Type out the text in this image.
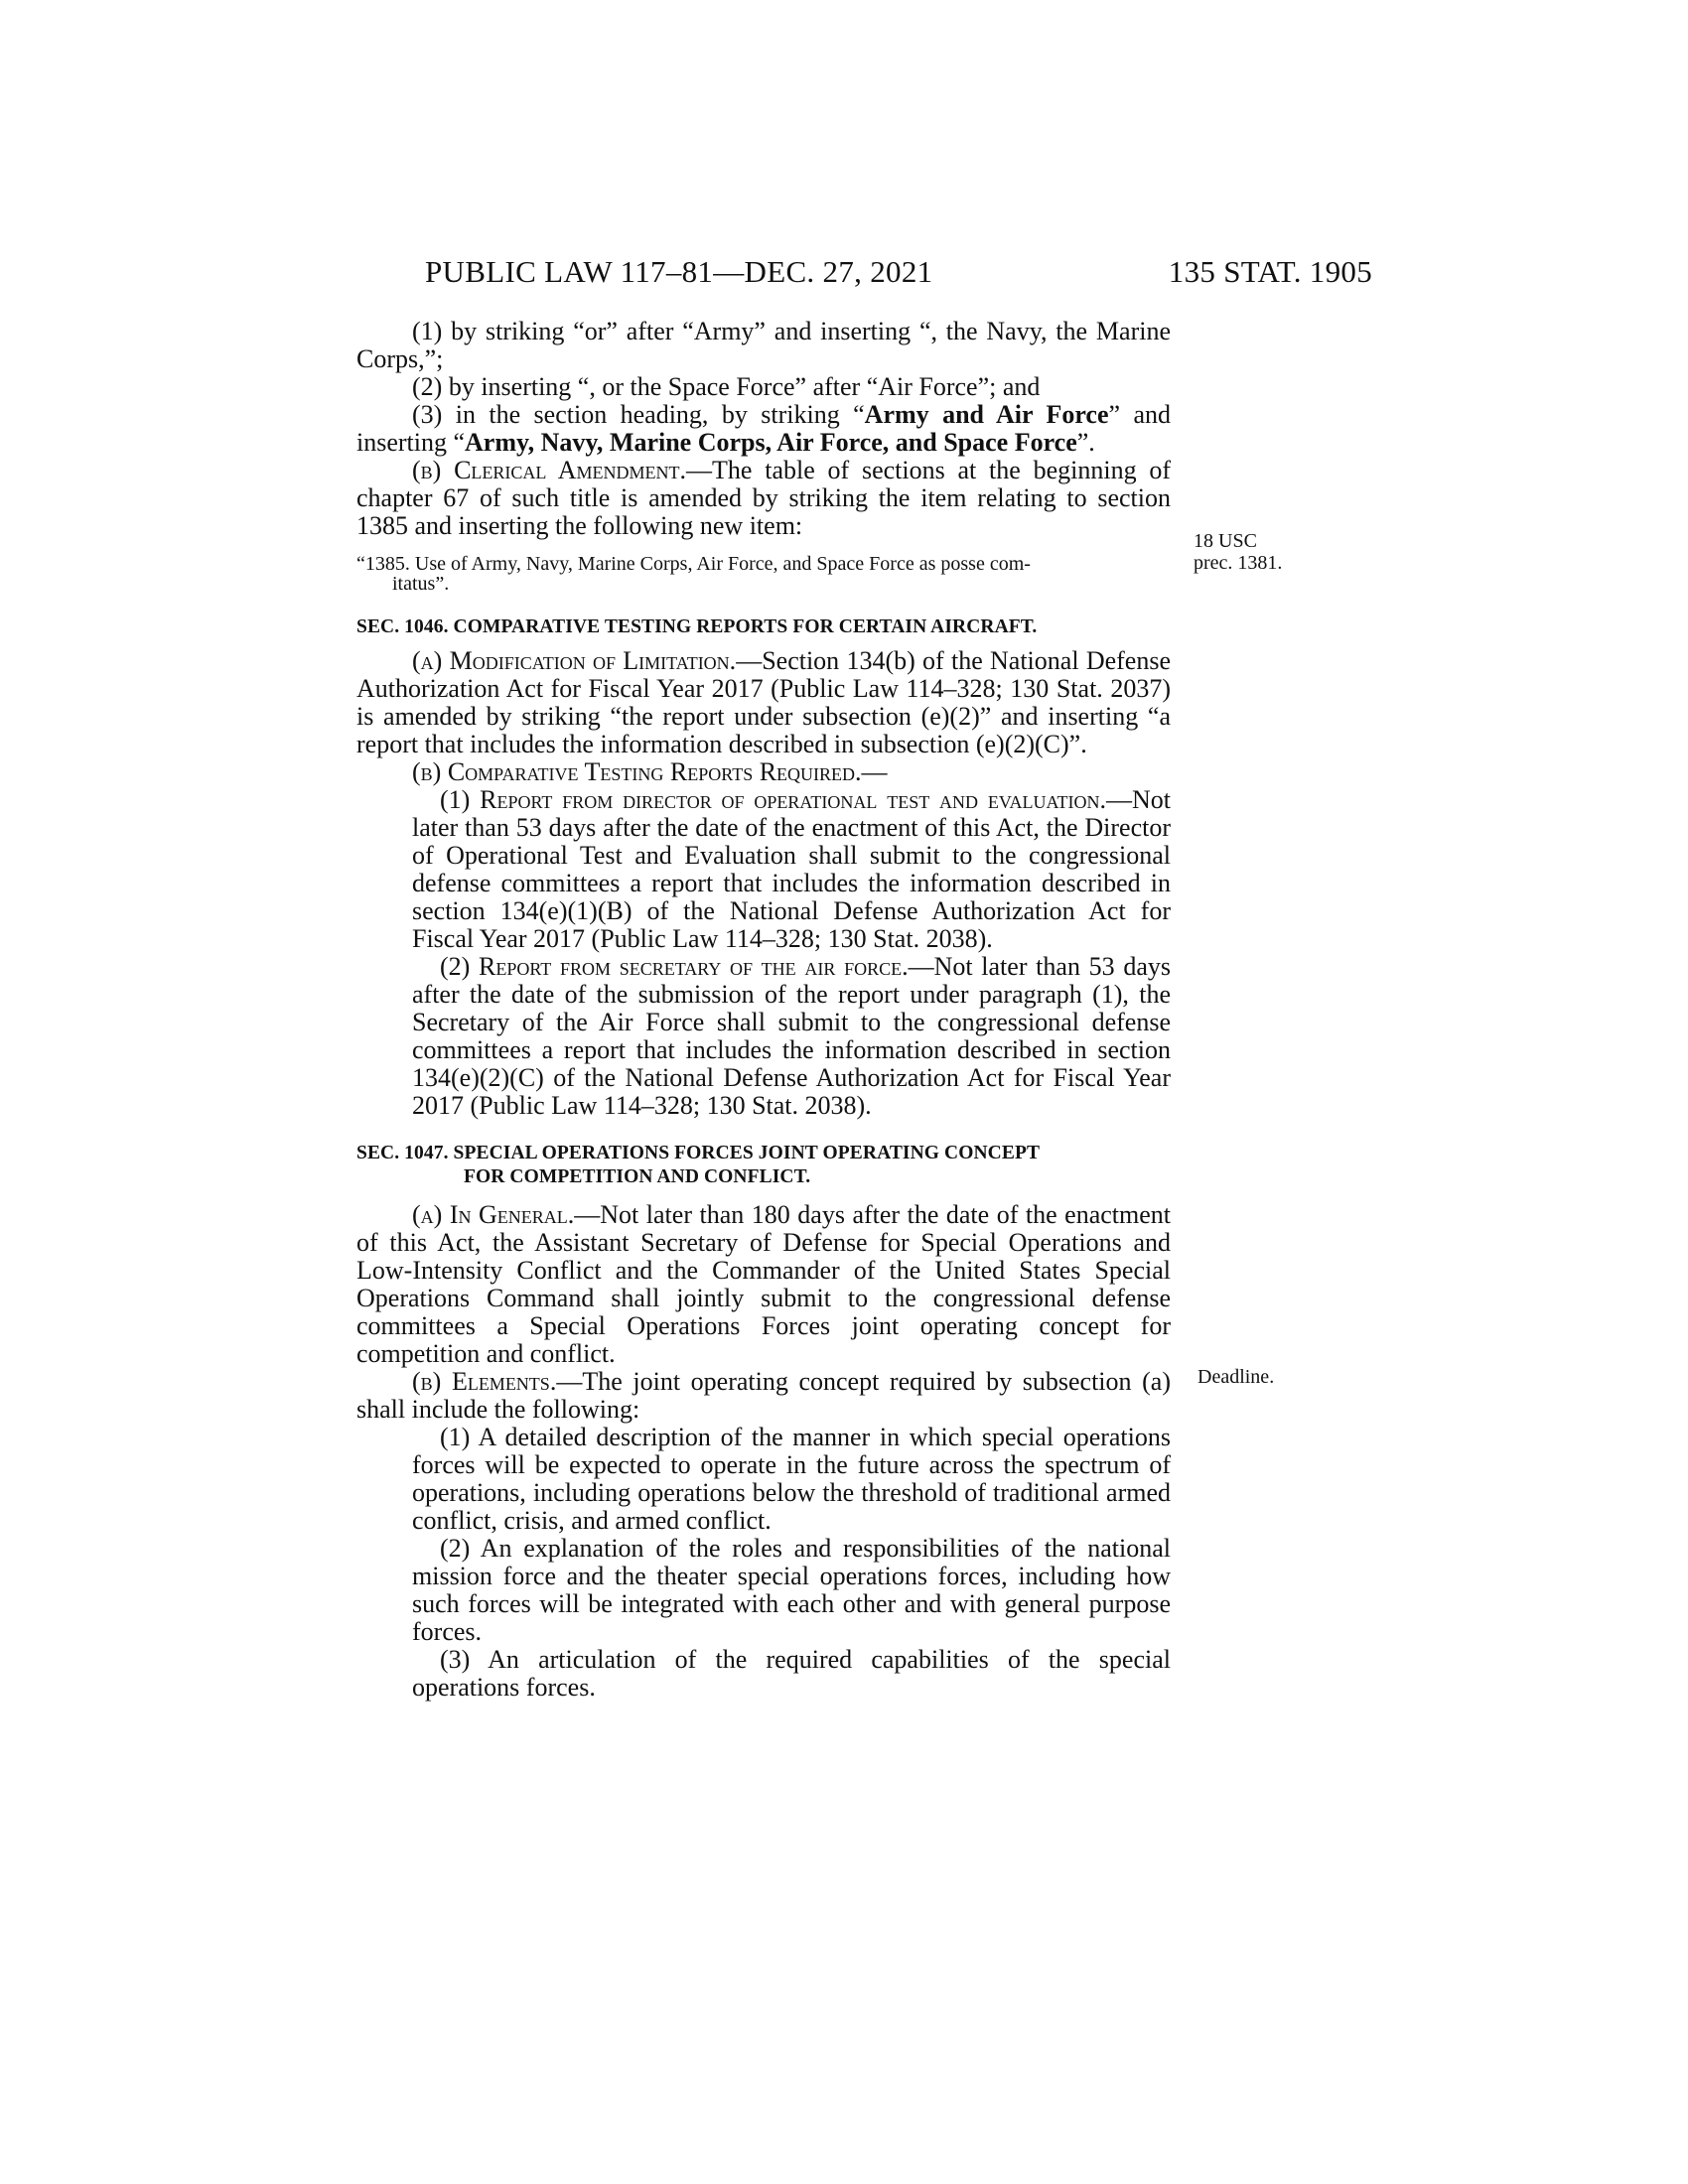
PUBLIC LAW 117–81—DEC. 27, 2021	135 STAT. 1905

(1) by striking “or” after “Army” and inserting “, the Navy, the Marine Corps,”;

(2) by inserting “, or the Space Force” after “Air Force”; and

(3) in the section heading, by striking “Army and Air Force” and inserting “Army, Navy, Marine Corps, Air Force, and Space Force”.

(b) Clerical Amendment.—The table of sections at the beginning of chapter 67 of such title is amended by striking the item relating to section 1385 and inserting the following new item:

“1385. Use of Army, Navy, Marine Corps, Air Force, and Space Force as posse com-
itatus”.

SEC. 1046. COMPARATIVE TESTING REPORTS FOR CERTAIN AIRCRAFT.

(a) Modification of Limitation.—Section 134(b) of the National Defense Authorization Act for Fiscal Year 2017 (Public Law 114–328; 130 Stat. 2037) is amended by striking “the report under subsection (e)(2)” and inserting “a report that includes the information described in subsection (e)(2)(C)”.

(b) Comparative Testing Reports Required.—

(1) Report from director of operational test and evaluation.—Not later than 53 days after the date of the enactment of this Act, the Director of Operational Test and Evaluation shall submit to the congressional defense committees a report that includes the information described in section 134(e)(1)(B) of the National Defense Authorization Act for Fiscal Year 2017 (Public Law 114–328; 130 Stat. 2038).

(2) Report from secretary of the air force.—Not later than 53 days after the date of the submission of the report under paragraph (1), the Secretary of the Air Force shall submit to the congressional defense committees a report that includes the information described in section 134(e)(2)(C) of the National Defense Authorization Act for Fiscal Year 2017 (Public Law 114–328; 130 Stat. 2038).

SEC. 1047. SPECIAL OPERATIONS FORCES JOINT OPERATING CONCEPT
FOR COMPETITION AND CONFLICT.

(a) In General.—Not later than 180 days after the date of the enactment of this Act, the Assistant Secretary of Defense for Special Operations and Low-Intensity Conflict and the Commander of the United States Special Operations Command shall jointly submit to the congressional defense committees a Special Operations Forces joint operating concept for competition and conflict.

(b) Elements.—The joint operating concept required by subsection (a) shall include the following:

(1) A detailed description of the manner in which special operations forces will be expected to operate in the future across the spectrum of operations, including operations below the threshold of traditional armed conflict, crisis, and armed conflict.

(2) An explanation of the roles and responsibilities of the national mission force and the theater special operations forces, including how such forces will be integrated with each other and with general purpose forces.

(3) An articulation of the required capabilities of the special operations forces.

18 USC
prec. 1381.
Deadline.
